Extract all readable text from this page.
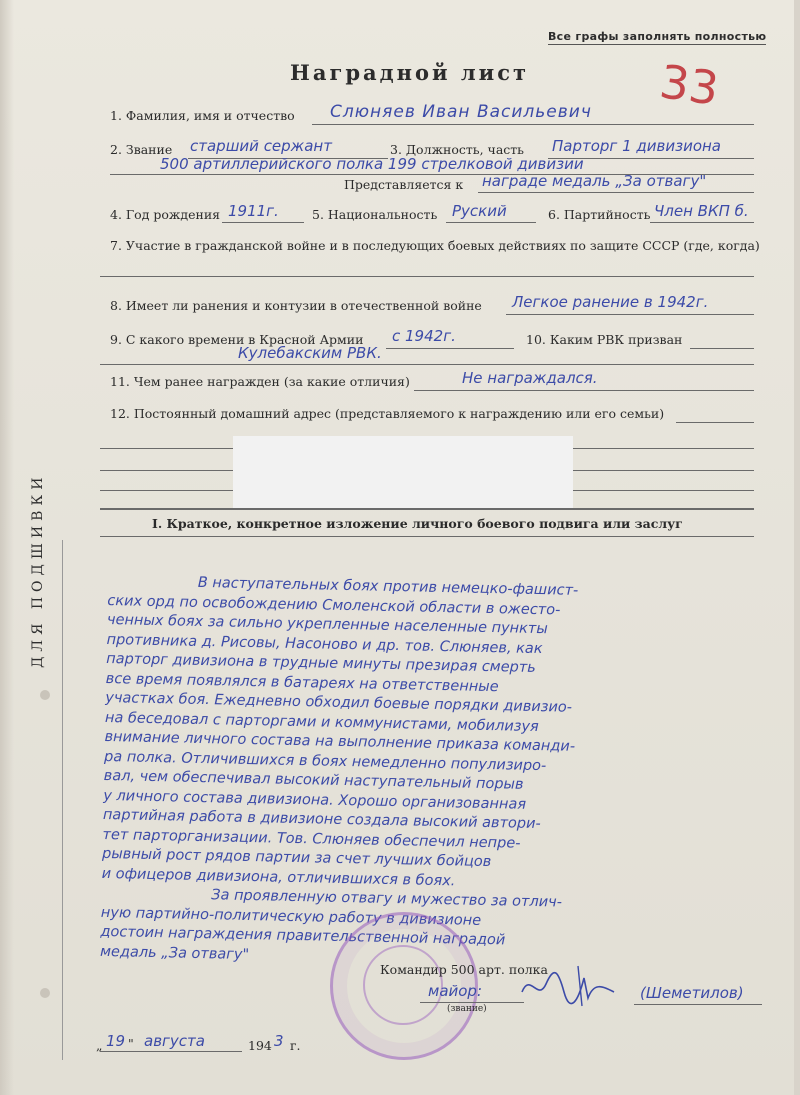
Все графы заполнять полностью
33
Наградной лист
1. Фамилия, имя и отчество Слюняев Иван Васильевич
2. Звание старший сержант	3. Должность, часть Парторг 1 дивизиона
500 артиллерийского полка 199 стрелковой дивизии
Представляется к награде медаль „За отвагу"
4. Год рождения 1911г.	5. Национальность Руский	6. Партийность Член ВКП б.
7. Участие в гражданской войне и в последующих боевых действиях по защите СССР (где, когда)
8. Имеет ли ранения и контузии в отечественной войне Легкое ранение в 1942г.
9. С какого времени в Красной Армии с 1942г.	10. Каким РВК призван
Кулебакским РВК.
11. Чем ранее награжден (за какие отличия)	Не награждался.
12. Постоянный домашний адрес (представляемого к награждению или его семьи)
I. Краткое, конкретное изложение личного боевого подвига или заслуг
ДЛЯ ПОДШИВКИ	В наступательных боях против немецко-фашист-
ских орд по освобождению Смоленской области в ожесто-
ченных боях за сильно укрепленные населенные пункты
противника д. Рисовы, Насоново и др. тов. Слюняев, как
парторг дивизиона в трудные минуты презирая смерть
все время появлялся в батареях на ответственные
участках боя. Ежедневно обходил боевые порядки дивизио-
на беседовал с парторгами и коммунистами, мобилизуя
внимание личного состава на выполнение приказа команди-
ра полка. Отличившихся в боях немедленно популизиро-
вал, чем обеспечивал высокий наступательный порыв
у личного состава дивизиона. Хорошо организованная
партийная работа в дивизионе создала высокий автори-
тет парторганизации. Тов. Слюняев обеспечил непре-
рывный рост рядов партии за счет лучших бойцов
и офицеров дивизиона, отличившихся в боях.
За проявленную отвагу и мужество за отлич-
ную партийно-политическую работу в дивизионе
достоин награждения правительственной наградой
медаль „За отвагу"
Командир 500 арт. полка
майор:
(звание)
(Шеметилов)
„ 19 " августа	194 3 г.
